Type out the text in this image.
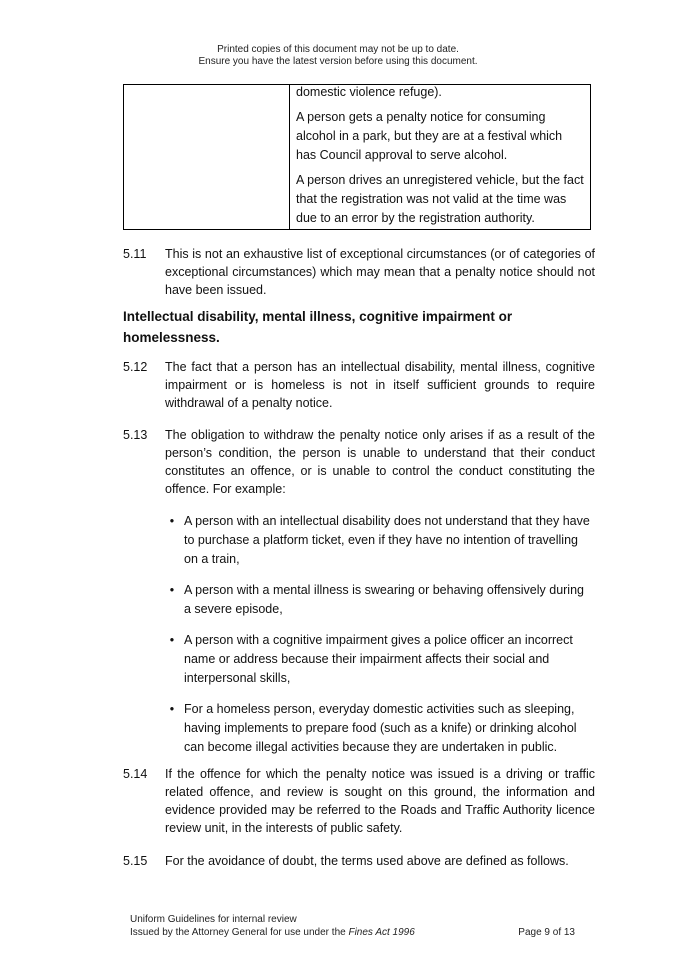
Printed copies of this document may not be up to date.
Ensure you have the latest version before using this document.

domestic violence refuge).

A person gets a penalty notice for consuming alcohol in a park, but they are at a festival which has Council approval to serve alcohol.

A person drives an unregistered vehicle, but the fact that the registration was not valid at the time was due to an error by the registration authority.

5.11 This is not an exhaustive list of exceptional circumstances (or of categories of exceptional circumstances) which may mean that a penalty notice should not have been issued.
Intellectual disability, mental illness, cognitive impairment or homelessness.
5.12 The fact that a person has an intellectual disability, mental illness, cognitive impairment or is homeless is not in itself sufficient grounds to require withdrawal of a penalty notice.
5.13 The obligation to withdraw the penalty notice only arises if as a result of the person’s condition, the person is unable to understand that their conduct constitutes an offence, or is unable to control the conduct constituting the offence. For example:
• A person with an intellectual disability does not understand that they have to purchase a platform ticket, even if they have no intention of travelling on a train,
• A person with a mental illness is swearing or behaving offensively during a severe episode,
• A person with a cognitive impairment gives a police officer an incorrect name or address because their impairment affects their social and interpersonal skills,
• For a homeless person, everyday domestic activities such as sleeping, having implements to prepare food (such as a knife) or drinking alcohol can become illegal activities because they are undertaken in public.
5.14 If the offence for which the penalty notice was issued is a driving or traffic related offence, and review is sought on this ground, the information and evidence provided may be referred to the Roads and Traffic Authority licence review unit, in the interests of public safety.
5.15 For the avoidance of doubt, the terms used above are defined as follows.
Uniform Guidelines for internal review
Issued by the Attorney General for use under the Fines Act 1996	Page 9 of 13
